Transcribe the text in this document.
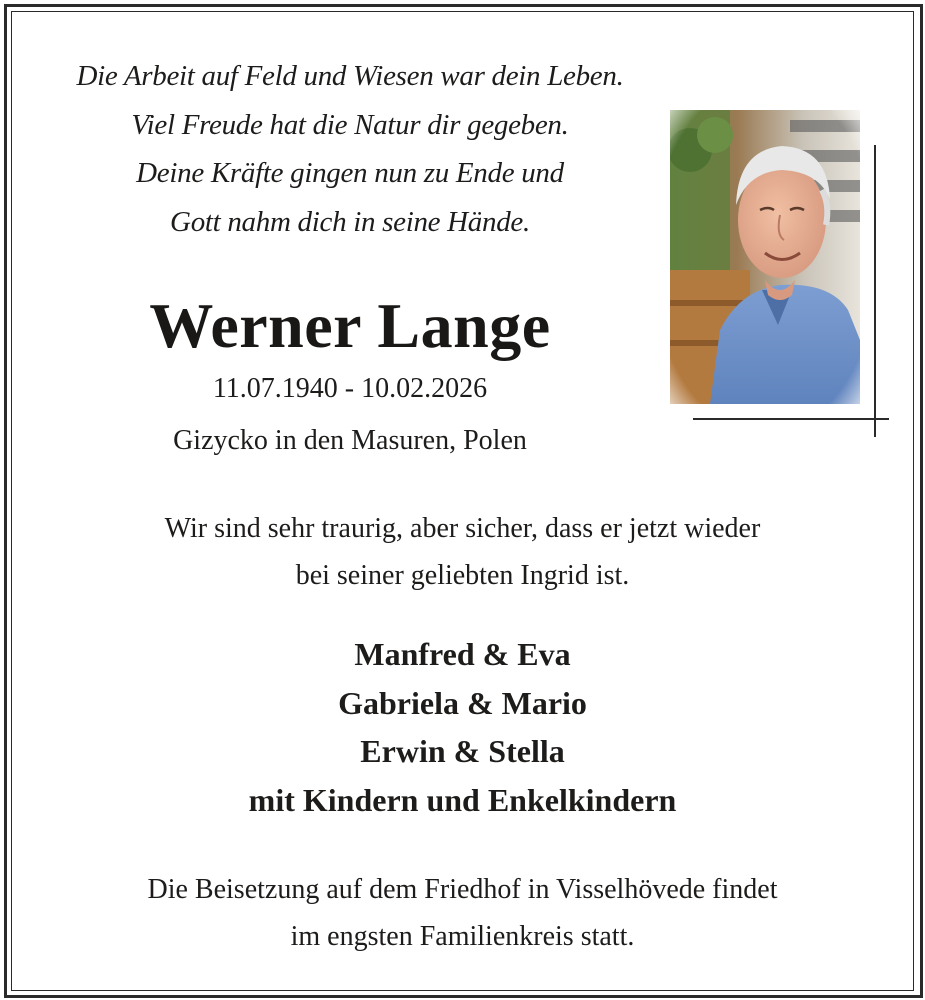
Die Arbeit auf Feld und Wiesen war dein Leben.
Viel Freude hat die Natur dir gegeben.
Deine Kräfte gingen nun zu Ende und
Gott nahm dich in seine Hände.
Werner Lange
11.07.1940 - 10.02.2026
Gizycko in den Masuren, Polen
Wir sind sehr traurig, aber sicher, dass er jetzt wieder
bei seiner geliebten Ingrid ist.
Manfred & Eva
Gabriela & Mario
Erwin & Stella
mit Kindern und Enkelkindern
Die Beisetzung auf dem Friedhof in Visselhövede findet
im engsten Familienkreis statt.
